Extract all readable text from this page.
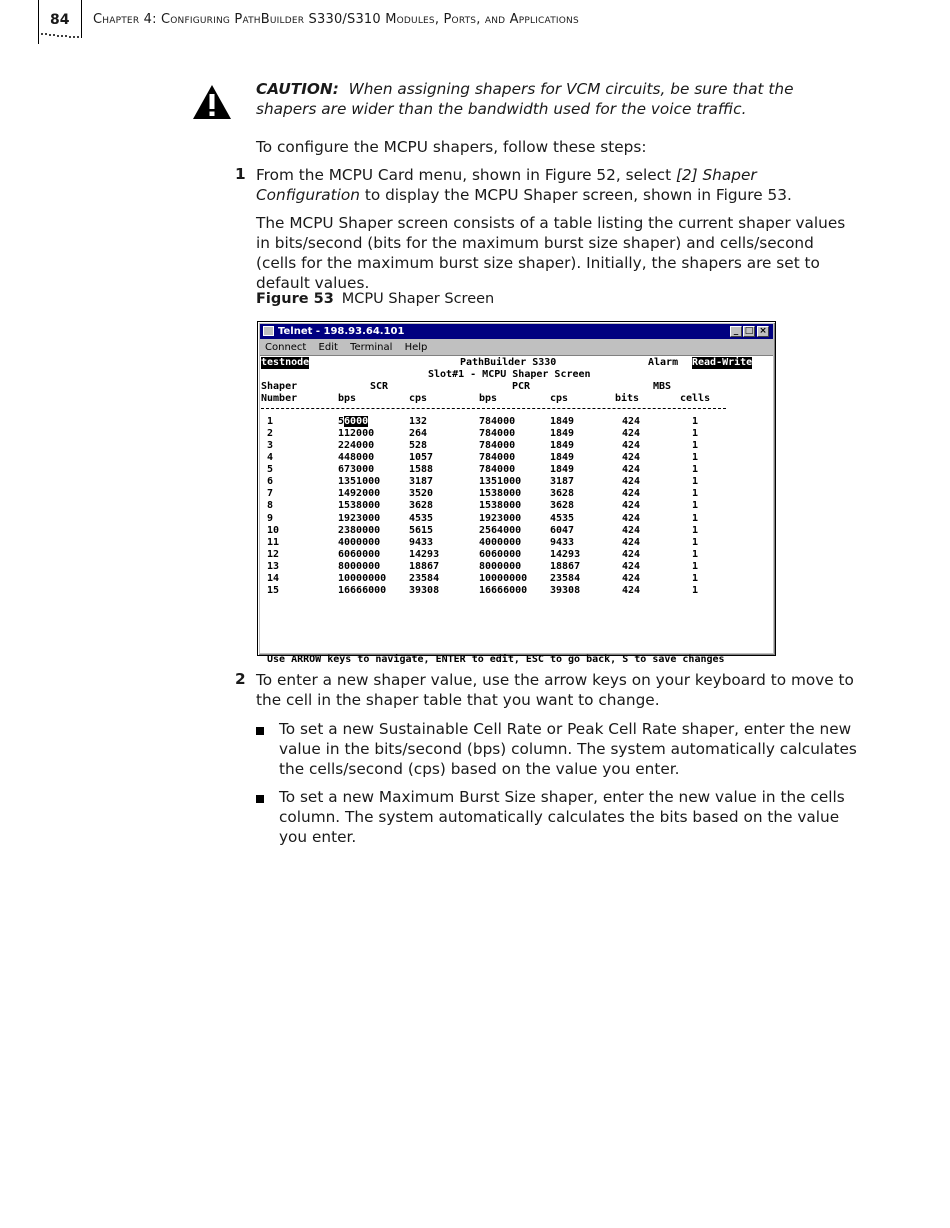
84 Chapter 4: Configuring PathBuilder S330/S310 Modules, Ports, and Applications
CAUTION: When assigning shapers for VCM circuits, be sure that the shapers are wider than the bandwidth used for the voice traffic.
To configure the MCPU shapers, follow these steps:
1 From the MCPU Card menu, shown in Figure 52, select [2] Shaper Configuration to display the MCPU Shaper screen, shown in Figure 53.
The MCPU Shaper screen consists of a table listing the current shaper values in bits/second (bits for the maximum burst size shaper) and cells/second (cells for the maximum burst size shaper). Initially, the shapers are set to default values.
Figure 53 MCPU Shaper Screen
Telnet - 198.93.64.101	_ □ ×
Connect Edit Terminal Help
testnode	PathBuilder S330	Alarm Read-Write
Slot#1 - MCPU Shaper Screen
SCR	PCR	MBS
Shaper
Number	bps	cps	bps	cps	bits	cells
1	56000	132	784000	1849	424	1
2	112000	264	784000	1849	424	1
3	224000	528	784000	1849	424	1
4	448000	1057	784000	1849	424	1
5	673000	1588	784000	1849	424	1
6	1351000	3187	1351000	3187	424	1
7	1492000	3520	1538000	3628	424	1
8	1538000	3628	1538000	3628	424	1
9	1923000	4535	1923000	4535	424	1
10	2380000	5615	2564000	6047	424	1
11	4000000	9433	4000000	9433	424	1
12	6060000	14293	6060000	14293	424	1
13	8000000	18867	8000000	18867	424	1
14	10000000 23584	10000000 23584	424	1
15	16666000 39308	16666000 39308	424	1
Use ARROW keys to navigate, ENTER to edit, ESC to go back, S to save changes
2 To enter a new shaper value, use the arrow keys on your keyboard to move to the cell in the shaper table that you want to change.
To set a new Sustainable Cell Rate or Peak Cell Rate shaper, enter the new value in the bits/second (bps) column. The system automatically calculates the cells/second (cps) based on the value you enter.
To set a new Maximum Burst Size shaper, enter the new value in the cells column. The system automatically calculates the bits based on the value you enter.
